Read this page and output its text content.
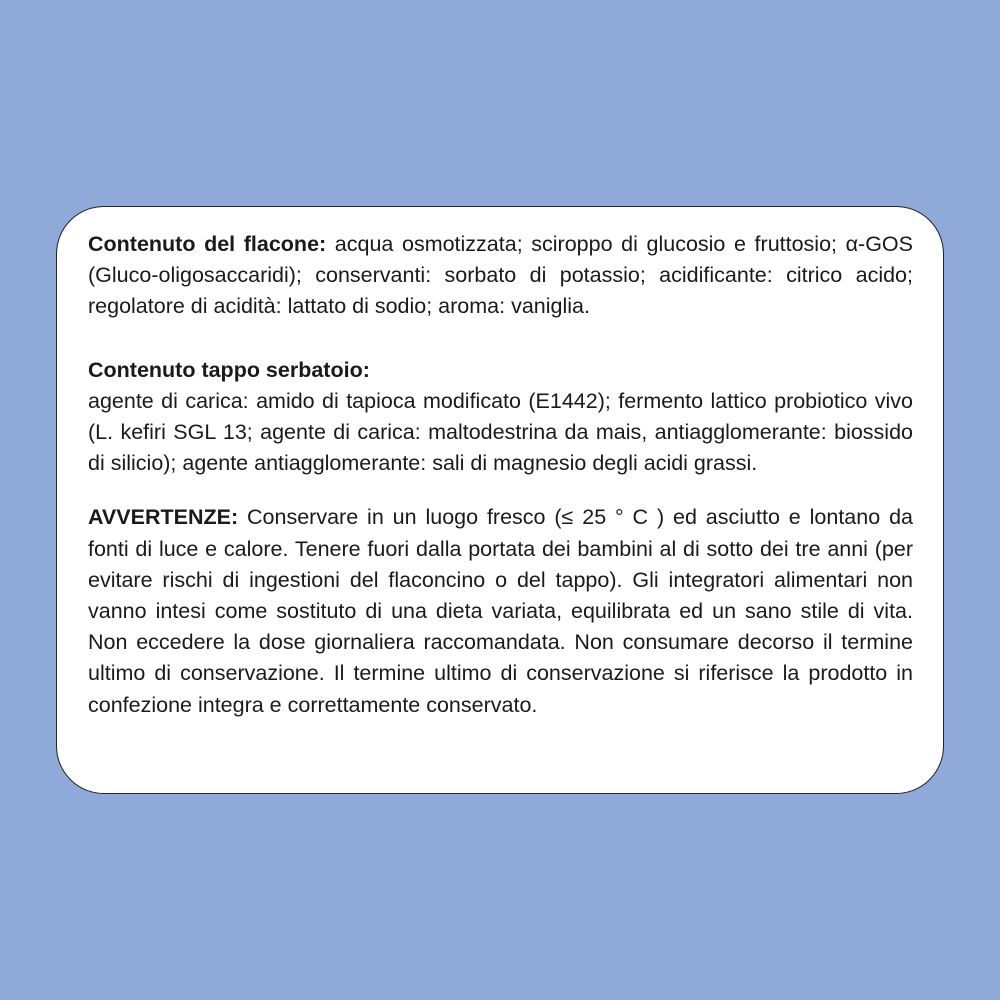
Contenuto del flacone: acqua osmotizzata; sciroppo di glucosio e fruttosio; α-GOS (Gluco-oligosaccaridi); conservanti: sorbato di potassio; acidificante: citrico acido; regolatore di acidità: lattato di sodio; aroma: vaniglia.

Contenuto tappo serbatoio:
agente di carica: amido di tapioca modificato (E1442); fermento lattico probiotico vivo (L. kefiri SGL 13; agente di carica: maltodestrina da mais, antiagglomerante: biossido di silicio); agente antiagglomerante: sali di magnesio degli acidi grassi.

AVVERTENZE: Conservare in un luogo fresco (≤ 25 ° C ) ed asciutto e lontano da fonti di luce e calore. Tenere fuori dalla portata dei bambini al di sotto dei tre anni (per evitare rischi di ingestioni del flaconcino o del tappo). Gli integratori alimentari non vanno intesi come sostituto di una dieta variata, equilibrata ed un sano stile di vita. Non eccedere la dose giornaliera raccomandata. Non consumare decorso il termine ultimo di conservazione. Il termine ultimo di conservazione si riferisce la prodotto in confezione integra e correttamente conservato.
